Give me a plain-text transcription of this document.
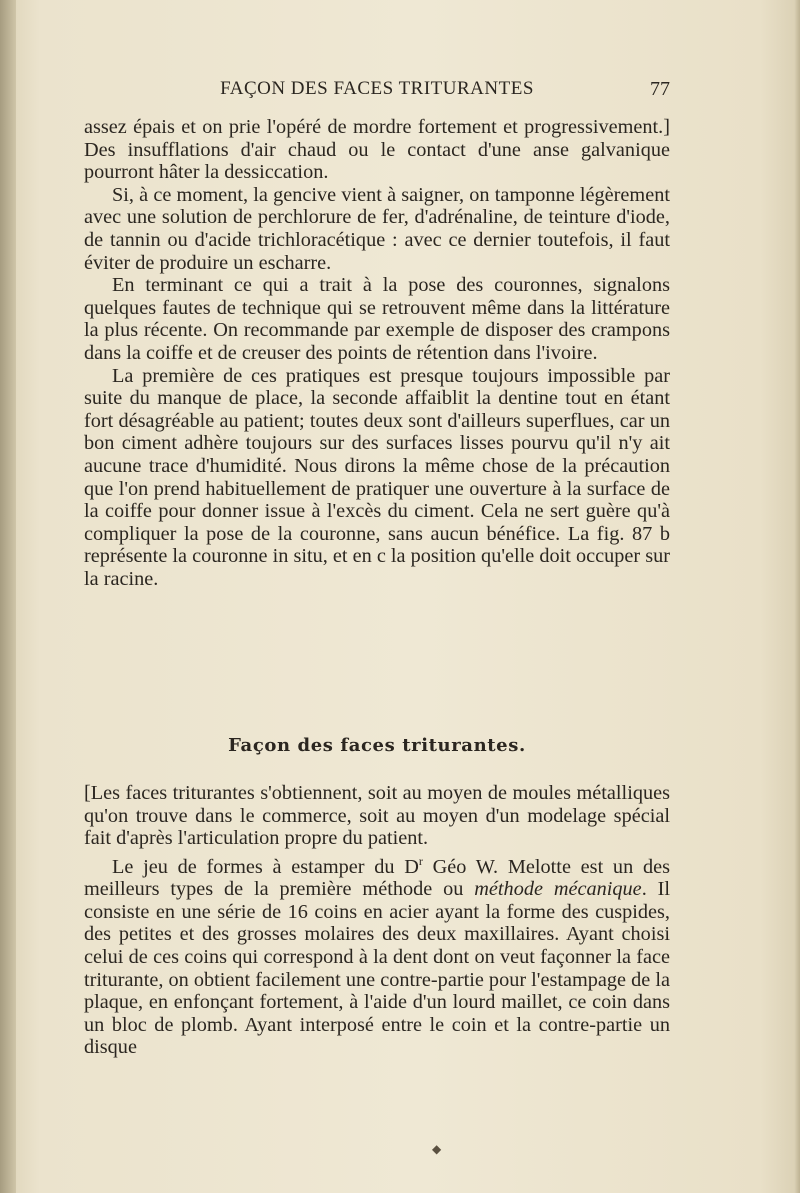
FAÇON DES FACES TRITURANTES	77

assez épais et on prie l'opéré de mordre fortement et progressivement.] Des insufflations d'air chaud ou le contact d'une anse galvanique pourront hâter la dessiccation.

Si, à ce moment, la gencive vient à saigner, on tamponne légèrement avec une solution de perchlorure de fer, d'adrénaline, de teinture d'iode, de tannin ou d'acide trichloracétique : avec ce dernier toutefois, il faut éviter de produire un escharre.

En terminant ce qui a trait à la pose des couronnes, signalons quelques fautes de technique qui se retrouvent même dans la littérature la plus récente. On recommande par exemple de disposer des crampons dans la coiffe et de creuser des points de rétention dans l'ivoire.

La première de ces pratiques est presque toujours impossible par suite du manque de place, la seconde affaiblit la dentine tout en étant fort désagréable au patient; toutes deux sont d'ailleurs superflues, car un bon ciment adhère toujours sur des surfaces lisses pourvu qu'il n'y ait aucune trace d'humidité. Nous dirons la même chose de la précaution que l'on prend habituellement de pratiquer une ouverture à la surface de la coiffe pour donner issue à l'excès du ciment. Cela ne sert guère qu'à compliquer la pose de la couronne, sans aucun bénéfice. La fig. 87 b représente la couronne in situ, et en c la position qu'elle doit occuper sur la racine.

Façon des faces triturantes.

[Les faces triturantes s'obtiennent, soit au moyen de moules métalliques qu'on trouve dans le commerce, soit au moyen d'un modelage spécial fait d'après l'articulation propre du patient.

Le jeu de formes à estamper du $D^r$ Géo W. Melotte est un des meilleurs types de la première méthode ou méthode mécanique. Il consiste en une série de 16 coins en acier ayant la forme des cuspides, des petites et des grosses molaires des deux maxillaires. Ayant choisi celui de ces coins qui correspond à la dent dont on veut façonner la face triturante, on obtient facilement une contre-partie pour l'estampage de la plaque, en enfonçant fortement, à l'aide d'un lourd maillet, ce coin dans un bloc de plomb. Ayant interposé entre le coin et la contre-partie un disque

◆
